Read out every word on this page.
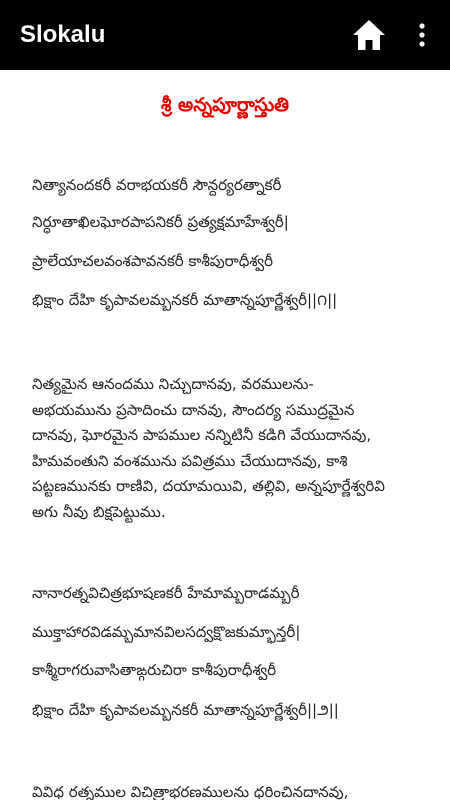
Slokalu
శ్రీ అన్నపూర్ణాస్తుతి
నిత్యానందకరీ వరాభయకరీ సౌన్దర్యరత్నాకరీ
నిర్ధూతాఖిలఘోరపాపనికరీ ప్రత్యక్షమాహేశ్వరీ|
ప్రాలేయాచలవంశపావనకరీ కాశీపురాధీశ్వరీ
భిక్షాం దేహి కృపావలమ్బనకరీ మాతాన్నపూర్ణేశ్వరీ||౧||
నిత్యమైన ఆనందము నిచ్చుదానవు, వరములను-
అభయమును ప్రసాదించు దానవు, సౌందర్య సముద్రమైన
దానవు, ఘోరమైన పాపముల నన్నిటినీ కడిగి వేయుదానవు,
హిమవంతుని వంశమును పవిత్రము చేయుదానవు, కాశి
పట్టణమునకు రాణివి, దయామయివి, తల్లివి, అన్నపూర్ణేశ్వరివి
అగు నీవు బిక్షపెట్టుము.
నానారత్నవిచిత్రభూషణకరీ హేమామ్బరాడమ్బరీ
ముక్తాహారవిడమ్బమానవిలసద్వక్షొజకుమ్భాన్తరీ|
కాశ్మీరాగరువాసితాఙ్గరుచిరా కాశీపురాధీశ్వరీ
భిక్షాం దేహి కృపావలమ్బనకరీ మాతాన్నపూర్ణేశ్వరీ||౨||
వివిధ రత్నముల విచిత్రాభరణములను ధరించినదానవు,
